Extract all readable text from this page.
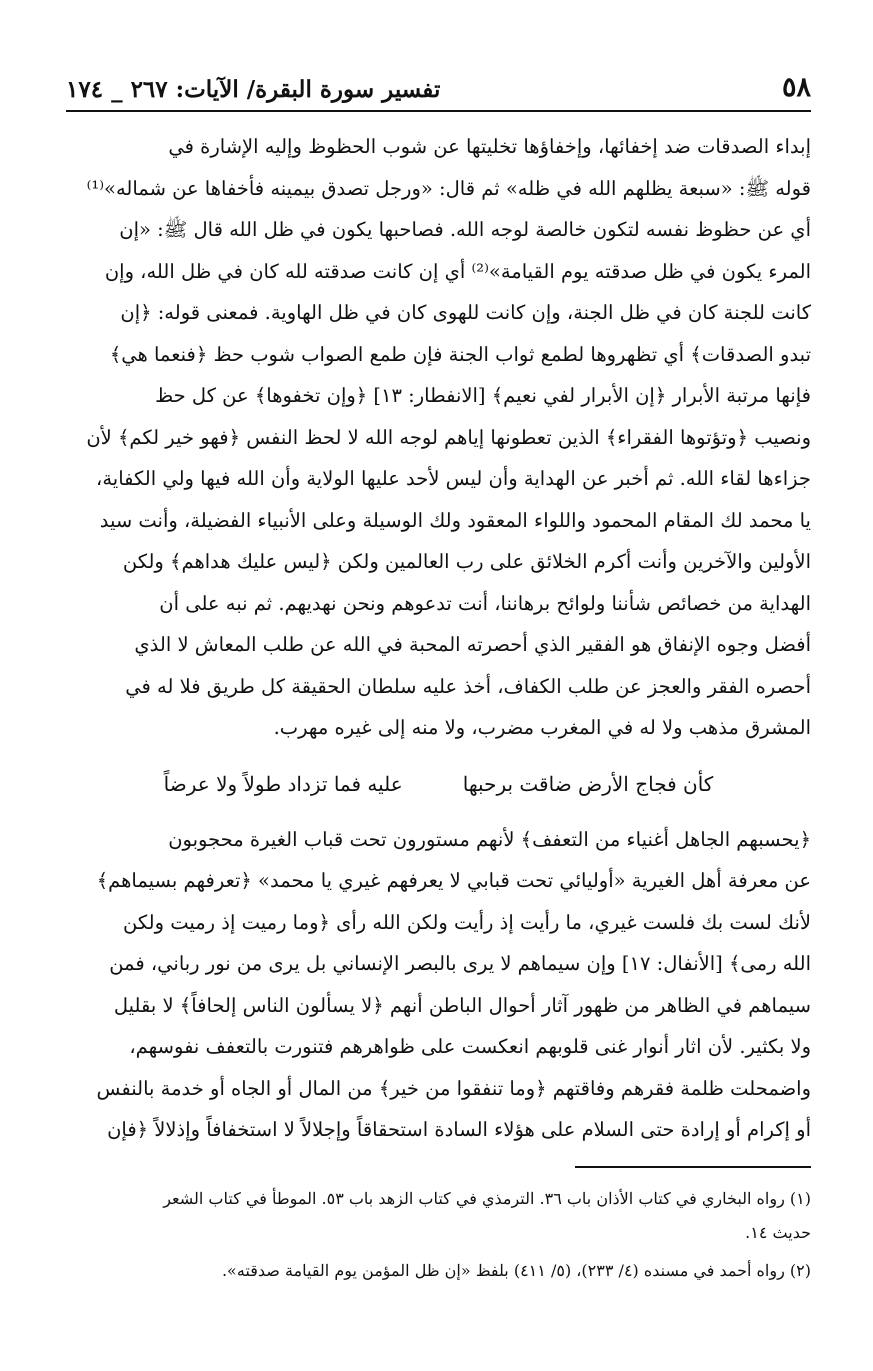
٥٨
تفسير سورة البقرة/ الآيات: ٢٦٧ _ ١٧٤
إبداء الصدقات ضد إخفائها، وإخفاؤها تخليتها عن شوب الحظوظ وإليه الإشارة في
قوله ﷺ: «سبعة يظلهم الله في ظله» ثم قال: «ورجل تصدق بيمينه فأخفاها عن شماله»⁽¹⁾
أي عن حظوظ نفسه لتكون خالصة لوجه الله. فصاحبها يكون في ظل الله قال ﷺ: «إن
المرء يكون في ظل صدقته يوم القيامة»⁽²⁾ أي إن كانت صدقته لله كان في ظل الله، وإن
كانت للجنة كان في ظل الجنة، وإن كانت للهوى كان في ظل الهاوية. فمعنى قوله: ﴿إن
تبدو الصدقات﴾ أي تظهروها لطمع ثواب الجنة فإن طمع الصواب شوب حظ ﴿فنعما هي﴾
فإنها مرتبة الأبرار ﴿إن الأبرار لفي نعيم﴾ [الانفطار: ١٣] ﴿وإن تخفوها﴾ عن كل حظ
ونصيب ﴿وتؤتوها الفقراء﴾ الذين تعطونها إياهم لوجه الله لا لحظ النفس ﴿فهو خير لكم﴾ لأن
جزاءها لقاء الله. ثم أخبر عن الهداية وأن ليس لأحد عليها الولاية وأن الله فيها ولي الكفاية،
يا محمد لك المقام المحمود واللواء المعقود ولك الوسيلة وعلى الأنبياء الفضيلة، وأنت سيد
الأولين والآخرين وأنت أكرم الخلائق على رب العالمين ولكن ﴿ليس عليك هداهم﴾ ولكن
الهداية من خصائص شأننا ولوائح برهاننا، أنت تدعوهم ونحن نهديهم. ثم نبه على أن
أفضل وجوه الإنفاق هو الفقير الذي أحصرته المحبة في الله عن طلب المعاش لا الذي
أحصره الفقر والعجز عن طلب الكفاف، أخذ عليه سلطان الحقيقة كل طريق فلا له في
المشرق مذهب ولا له في المغرب مضرب، ولا منه إلى غيره مهرب.
كأن فجاج الأرض ضاقت برحبها
عليه فما تزداد طولاً ولا عرضاً
﴿يحسبهم الجاهل أغنياء من التعفف﴾ لأنهم مستورون تحت قباب الغيرة محجوبون
عن معرفة أهل الغيرية «أوليائي تحت قبابي لا يعرفهم غيري يا محمد» ﴿تعرفهم بسيماهم﴾
لأنك لست بك فلست غيري، ما رأيت إذ رأيت ولكن الله رأى ﴿وما رميت إذ رميت ولكن
الله رمى﴾ [الأنفال: ١٧] وإن سيماهم لا يرى بالبصر الإنساني بل يرى من نور رباني، فمن
سيماهم في الظاهر من ظهور آثار أحوال الباطن أنهم ﴿لا يسألون الناس إلحافاً﴾ لا بقليل
ولا بكثير. لأن اثار أنوار غنى قلوبهم انعكست على ظواهرهم فتنورت بالتعفف نفوسهم،
واضمحلت ظلمة فقرهم وفاقتهم ﴿وما تنفقوا من خير﴾ من المال أو الجاه أو خدمة بالنفس
أو إكرام أو إرادة حتى السلام على هؤلاء السادة استحقاقاً وإجلالاً لا استخفافاً وإذلالاً ﴿فإن
(١) رواه البخاري في كتاب الأذان باب ٣٦. الترمذي في كتاب الزهد باب ٥٣. الموطأ في كتاب الشعر
حديث ١٤.
(٢) رواه أحمد في مسنده (٤/ ٢٣٣)، (٥/ ٤١١) بلفظ «إن ظل المؤمن يوم القيامة صدقته».
